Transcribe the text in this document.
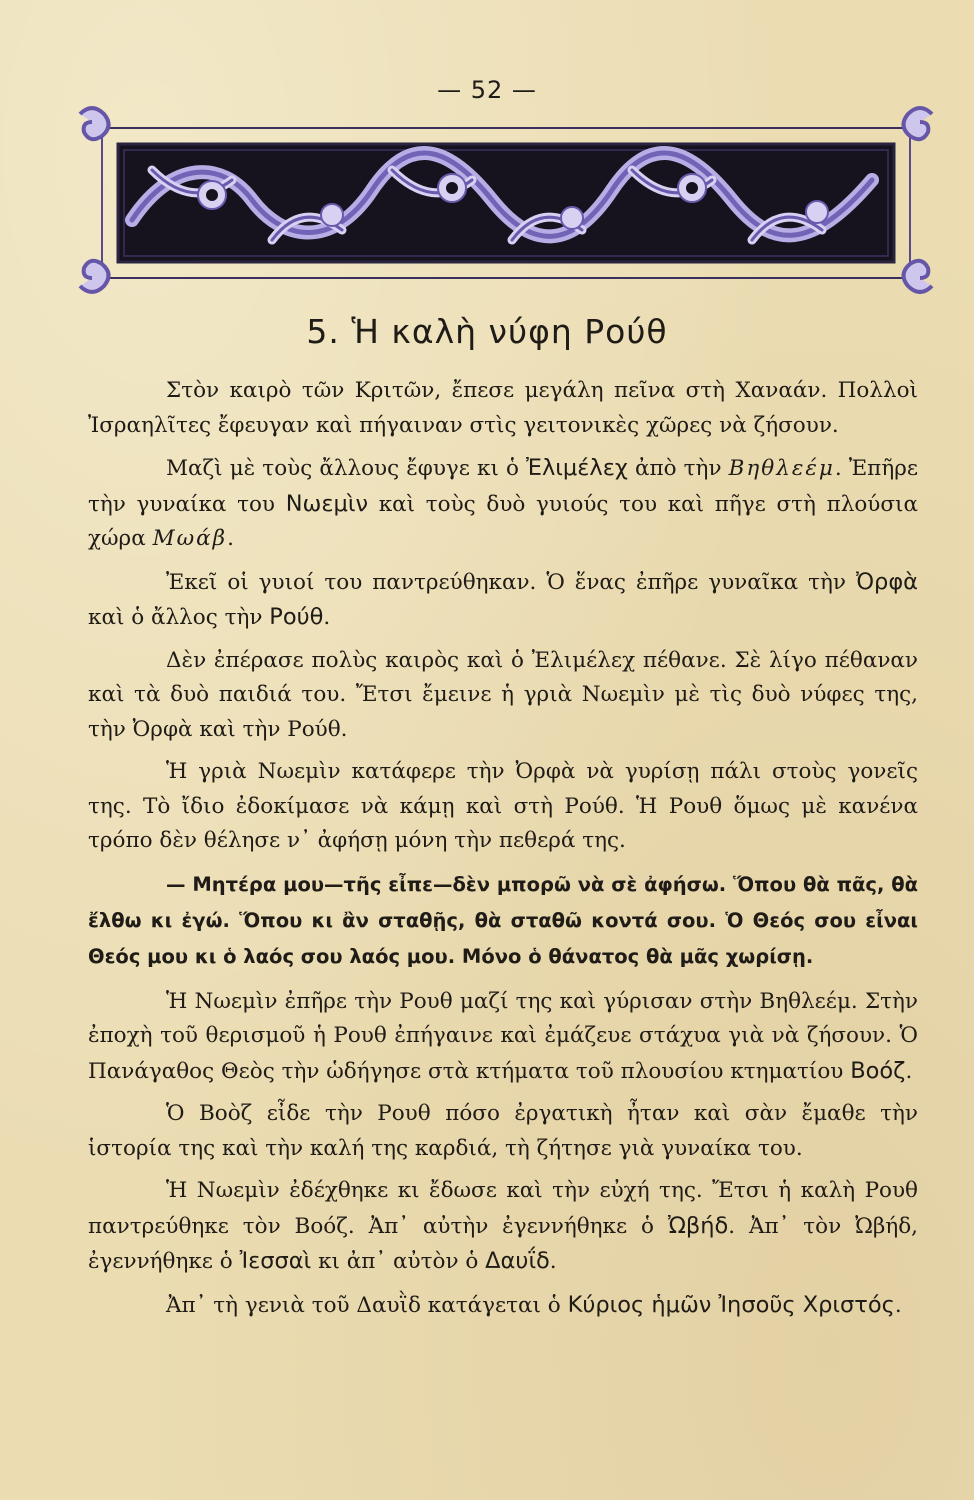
— 52 —
5. Ἡ καλὴ νύφη Ρούθ

Στὸν καιρὸ τῶν Κριτῶν, ἔπεσε μεγάλη πεῖνα στὴ Χαναάν. Πολλοὶ Ἰσραηλῖτες ἔφευγαν καὶ πήγαιναν στὶς γειτονικὲς χῶρες νὰ ζήσουν.

Μαζὶ μὲ τοὺς ἄλλους ἔφυγε κι ὁ Ἐλιμέλεχ ἀπὸ τὴν Βηθλεέμ. Ἐπῆρε τὴν γυναίκα του Νωεμὶν καὶ τοὺς δυὸ γυιούς του καὶ πῆγε στὴ πλούσια χώρα Μωάβ.

Ἐκεῖ οἱ γυιοί του παντρεύθηκαν. Ὁ ἕνας ἐπῆρε γυναῖκα τὴν Ὀρφὰ καὶ ὁ ἄλλος τὴν Ρούθ.

Δὲν ἐπέρασε πολὺς καιρὸς καὶ ὁ Ἐλιμέλεχ πέθανε. Σὲ λίγο πέθαναν καὶ τὰ δυὸ παιδιά του. Ἔτσι ἔμεινε ἡ γριὰ Νωεμὶν μὲ τὶς δυὸ νύφες της, τὴν Ὀρφὰ καὶ τὴν Ρούθ.

Ἡ γριὰ Νωεμὶν κατάφερε τὴν Ὀρφὰ νὰ γυρίσῃ πάλι στοὺς γονεῖς της. Τὸ ἴδιο ἐδοκίμασε νὰ κάμῃ καὶ στὴ Ρούθ. Ἡ Ρουθ ὅμως μὲ κανένα τρόπο δὲν θέλησε ν᾿ ἀφήσῃ μόνη τὴν πεθερά της.

— Μητέρα μου—τῆς εἶπε—δὲν μπορῶ νὰ σὲ ἀφήσω. Ὅπου θὰ πᾶς, θὰ ἔλθω κι ἐγώ. Ὅπου κι ἂν σταθῇς, θὰ σταθῶ κοντά σου. Ὁ Θεός σου εἶναι Θεός μου κι ὁ λαός σου λαός μου. Μόνο ὁ θάνατος θὰ μᾶς χωρίσῃ.

Ἡ Νωεμὶν ἐπῆρε τὴν Ρουθ μαζί της καὶ γύρισαν στὴν Βηθλεέμ. Στὴν ἐποχὴ τοῦ θερισμοῦ ἡ Ρουθ ἐπήγαινε καὶ ἐμάζευε στάχυα γιὰ νὰ ζήσουν. Ὁ Πανάγαθος Θεὸς τὴν ὡδήγησε στὰ κτήματα τοῦ πλουσίου κτηματίου Βοόζ.

Ὁ Βοὸζ εἶδε τὴν Ρουθ πόσο ἐργατικὴ ἦταν καὶ σὰν ἔμαθε τὴν ἱστορία της καὶ τὴν καλή της καρδιά, τὴ ζήτησε γιὰ γυναίκα του.

Ἡ Νωεμὶν ἐδέχθηκε κι ἔδωσε καὶ τὴν εὐχή της. Ἔτσι ἡ καλὴ Ρουθ παντρεύθηκε τὸν Βοόζ. Ἀπ᾿ αὐτὴν ἐγεννήθηκε ὁ Ὠβήδ. Ἀπ᾿ τὸν Ὠβήδ, ἐγεννήθηκε ὁ Ἰεσσαὶ κι ἀπ᾿ αὐτὸν ὁ Δαυΐδ.

Ἀπ᾿ τὴ γενιὰ τοῦ Δαυῒδ κατάγεται ὁ Κύριος ἡμῶν Ἰησοῦς Χριστός.
